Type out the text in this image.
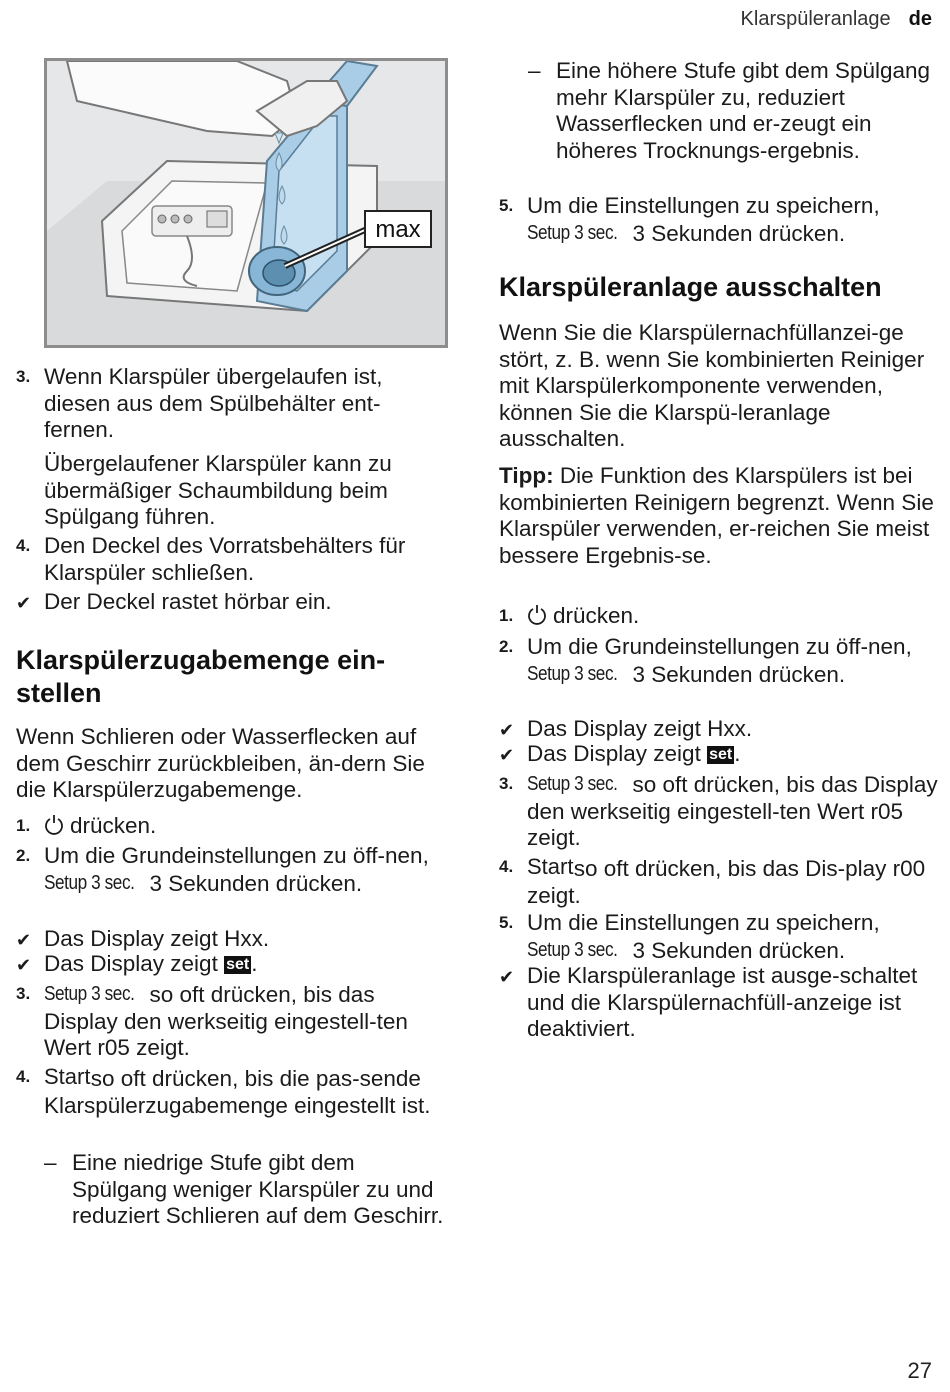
Klarspüleranlage de
max
3. Wenn Klarspüler übergelaufen ist, diesen aus dem Spülbehälter ent-fernen.

Übergelaufener Klarspüler kann zu übermäßiger Schaumbildung beim Spülgang führen.

4. Den Deckel des Vorratsbehälters für Klarspüler schließen.
✔ Der Deckel rastet hörbar ein.
Klarspülerzugabemenge ein-stellen

Wenn Schlieren oder Wasserflecken auf dem Geschirr zurückbleiben, än-dern Sie die Klarspülerzugabemenge.

1.	drücken.
2. Um die Grundeinstellungen zu öff-nen, Setup 3 sec. 3 Sekunden drücken.
✔ Das Display zeigt Hxx.
✔ Das Display zeigt set.
3. Setup 3 sec. so oft drücken, bis das Display den werkseitig eingestell-ten Wert r05 zeigt.
4. Start so oft drücken, bis die pas-sende Klarspülerzugabemenge eingestellt ist.
– Eine niedrige Stufe gibt dem Spülgang weniger Klarspüler zu und reduziert Schlieren auf dem Geschirr.
– Eine höhere Stufe gibt dem Spülgang mehr Klarspüler zu, reduziert Wasserflecken und er-zeugt ein höheres Trocknungs-ergebnis.
5. Um die Einstellungen zu speichern, Setup 3 sec. 3 Sekunden drücken.
Klarspüleranlage ausschalten

Wenn Sie die Klarspülernachfüllanzei-ge stört, z. B. wenn Sie kombinierten Reiniger mit Klarspülerkomponente verwenden, können Sie die Klarspü-leranlage ausschalten.

Tipp: Die Funktion des Klarspülers ist bei kombinierten Reinigern begrenzt. Wenn Sie Klarspüler verwenden, er-reichen Sie meist bessere Ergebnis-se.

1.	drücken.
2. Um die Grundeinstellungen zu öff-nen, Setup 3 sec. 3 Sekunden drücken.
✔ Das Display zeigt Hxx.
✔ Das Display zeigt set.
3. Setup 3 sec. so oft drücken, bis das Display den werkseitig eingestell-ten Wert r05 zeigt.
4. Start so oft drücken, bis das Dis-play r00 zeigt.
5. Um die Einstellungen zu speichern, Setup 3 sec. 3 Sekunden drücken.
✔ Die Klarspüleranlage ist ausge-schaltet und die Klarspülernachfüll-anzeige ist deaktiviert.
27
